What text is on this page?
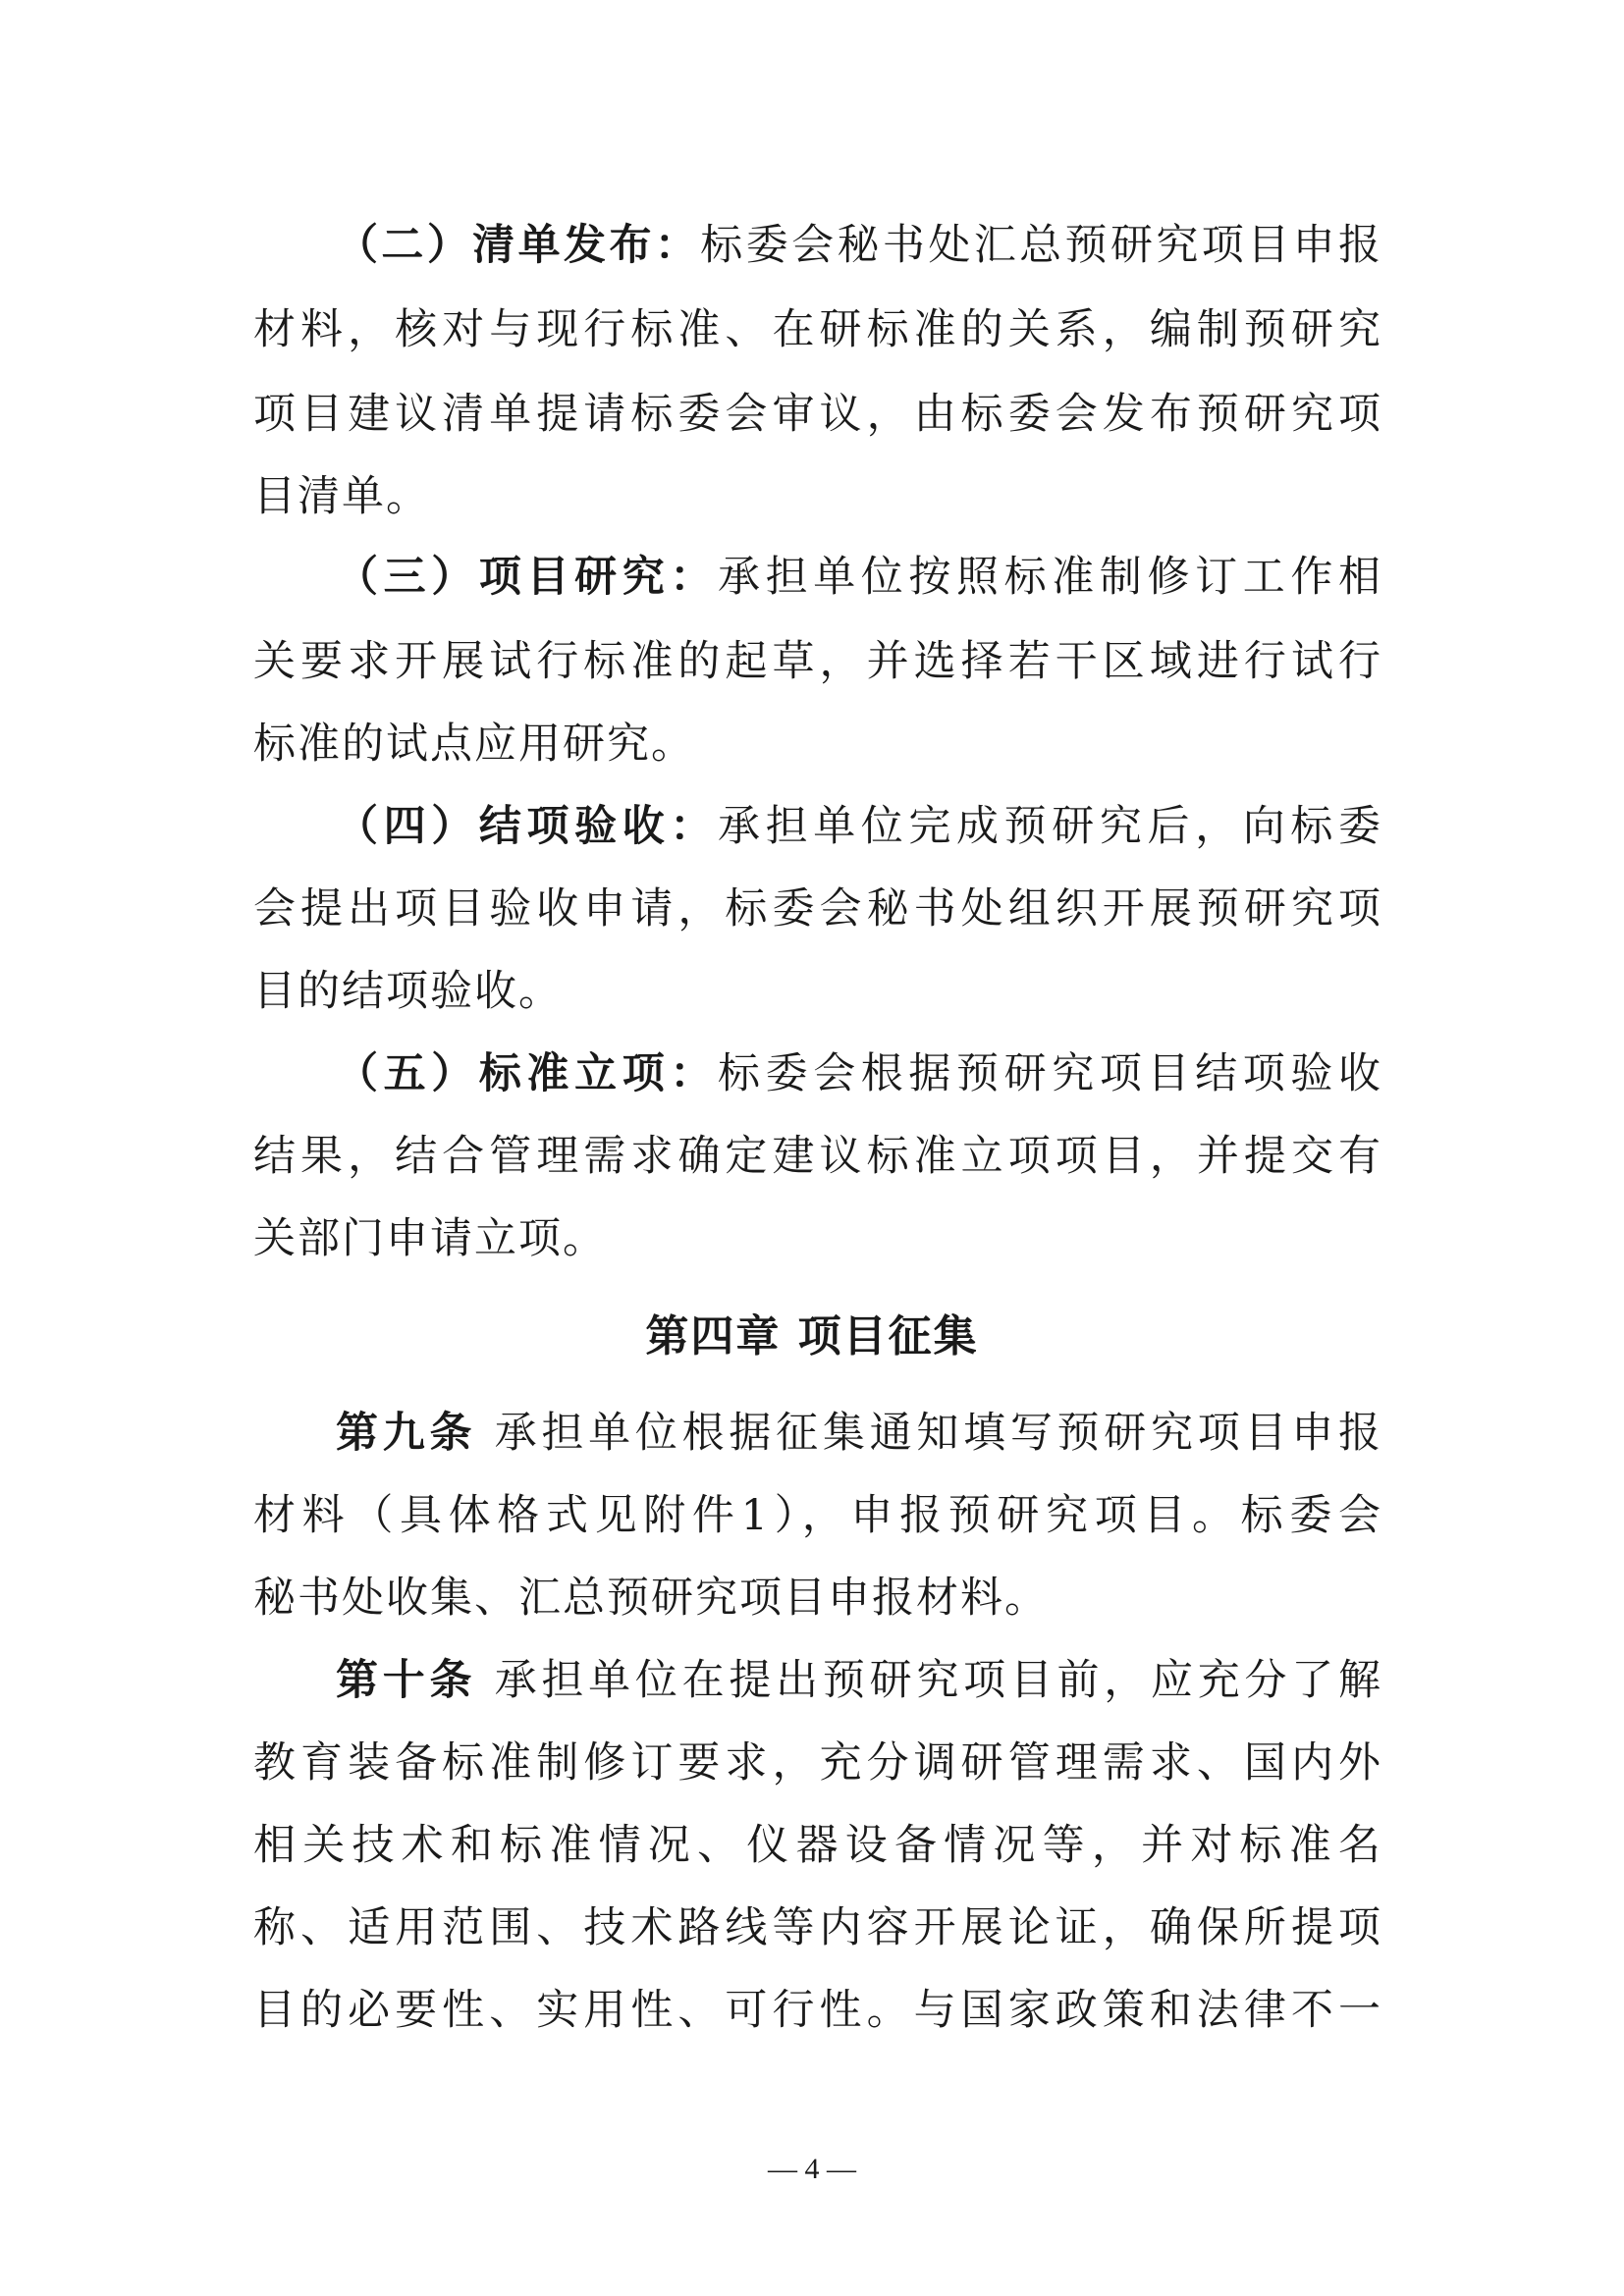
（二）清单发布：标委会秘书处汇总预研究项目申报
材料，核对与现行标准、在研标准的关系，编制预研究
项目建议清单提请标委会审议，由标委会发布预研究项
目清单。
（三）项目研究：承担单位按照标准制修订工作相
关要求开展试行标准的起草，并选择若干区域进行试行
标准的试点应用研究。
（四）结项验收：承担单位完成预研究后，向标委
会提出项目验收申请，标委会秘书处组织开展预研究项
目的结项验收。
（五）标准立项：标委会根据预研究项目结项验收
结果，结合管理需求确定建议标准立项项目，并提交有
关部门申请立项。
第四章 项目征集
第九条 承担单位根据征集通知填写预研究项目申报
材料（具体格式见附件1），申报预研究项目。标委会
秘书处收集、汇总预研究项目申报材料。
第十条 承担单位在提出预研究项目前，应充分了解
教育装备标准制修订要求，充分调研管理需求、国内外
相关技术和标准情况、仪器设备情况等，并对标准名
称、适用范围、技术路线等内容开展论证，确保所提项
目的必要性、实用性、可行性。与国家政策和法律不一
— 4 —
